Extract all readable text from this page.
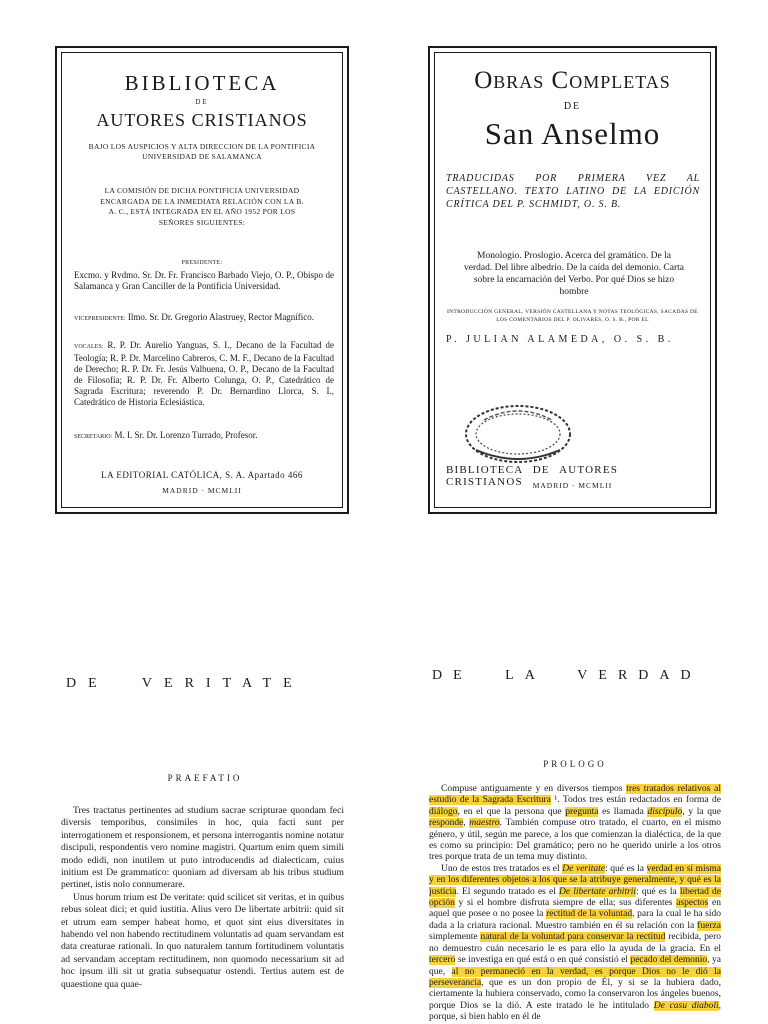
BIBLIOTECA
DE
AUTORES CRISTIANOS
BAJO LOS AUSPICIOS Y ALTA DIRECCION DE LA PONTIFICIA UNIVERSIDAD DE SALAMANCA
LA COMISIÓN DE DICHA PONTIFICIA UNIVERSIDAD ENCARGADA DE LA INMEDIATA RELACIÓN CON LA B. A. C., ESTÁ INTEGRADA EN EL AÑO 1952 POR LOS SEÑORES SIGUIENTES:
PRESIDENTE:
Excmo. y Rvdmo. Sr. Dr. Fr. Francisco Barbado Viejo, O. P., Obispo de Salamanca y Gran Canciller de la Pontificia Universidad.
VICEPRESIDENTE: Ilmo. Sr. Dr. Gregorio Alastruey, Rector Magnífico.
VOCALES: R. P. Dr. Aurelio Yanguas, S. I., Decano de la Facultad de Teología; R. P. Dr. Marcelino Cabreros, C. M. F., Decano de la Facultad de Derecho; R. P. Dr. Fr. Jesús Valbuena, O. P., Decano de la Facultad de Filosofía; R. P. Dr. Fr. Alberto Colunga, O. P., Catedrático de Sagrada Escritura; reverendo P. Dr. Bernardino Llorca, S. I., Catedrático de Historia Eclesiástica.
SECRETARIO: M. I. Sr. Dr. Lorenzo Turrado, Profesor.
LA EDITORIAL CATÓLICA, S. A. Apartado 466
MADRID · MCMLII
Obras Completas
de
San Anselmo
TRADUCIDAS POR PRIMERA VEZ AL CASTELLANO. TEXTO LATINO DE LA EDICIÓN CRÍTICA DEL P. SCHMIDT, O. S. B.
Monologio. Proslogio. Acerca del gramático. De la verdad. Del libre albedrío. De la caída del demonio. Carta sobre la encarnación del Verbo. Por qué Dios se hizo hombre
INTRODUCCIÓN GENERAL, VERSIÓN CASTELLANA Y NOTAS TEOLÓGICAS, SACADAS DE LOS COMENTARIOS DEL P. OLIVARES, O. S. B., POR EL
P. JULIAN ALAMEDA, O. S. B.
BIBLIOTECA DE AUTORES CRISTIANOS	MADRID · MCMLII
DE VERITATE
PRAEFATIO

Tres tractatus pertinentes ad studium sacrae scripturae quondam feci diversis temporibus, consimiles in hoc, quia facti sunt per interrogationem et responsionem, et persona interrogantis nomine notatur discipuli, respondentis vero nomine magistri. Quartum enim quem simili modo edidi, non inutilem ut puto introducendis ad dialecticam, cuius initium est De grammatico: quoniam ad diversam ab his tribus studium pertinet, istis nolo connumerare.

Unus horum trium est De veritate: quid scilicet sit veritas, et in quibus rebus soleat dici; et quid iustitia. Alius vero De libertate arbitrii: quid sit et utrum eam semper habeat homo, et quot sint eius diversitates in habendo vel non habendo rectitudinem voluntatis ad quam servandam est data creaturae rationali. In quo naturalem tantum fortitudinem voluntatis ad servandam acceptam rectitudinem, non quomodo necessarium sit ad hoc ipsum illi sit ut gratia subsequatur ostendi. Tertius autem est de quaestione qua quae-

DE LA VERDAD
PROLOGO

Compuse antiguamente y en diversos tiempos tres tratados relativos al estudio de la Sagrada Escritura ¹. Todos tres están redactados en forma de diálogo, en el que la persona que pregunta es llamada discípulo, y la que responde, maestro. También compuse otro tratado, el cuarto, en el mismo género, y útil, según me parece, a los que comienzan la dialéctica, de la que es como su principio: Del gramático; pero no he querido unirle a los otros tres porque trata de un tema muy distinto.

Uno de estos tres tratados es el De veritate: qué es la verdad en sí misma y en los diferentes objetos a los que se la atribuye generalmente, y qué es la justicia. El segundo tratado es el De libertate arbitrii: qué es la libertad de opción y si el hombre disfruta siempre de ella; sus diferentes aspectos en aquel que posee o no posee la rectitud de la voluntad, para la cual le ha sido dada a la criatura racional. Muestro también en él su relación con la fuerza simplemente natural de la voluntad para conservar la rectitud recibida, pero no demuestro cuán necesario le es para ello la ayuda de la gracia. En el tercero se investiga en qué está o en qué consistió el pecado del demonio, ya que, al no permaneció en la verdad, es porque Dios no le dió la perseverancia, que es un don propio de Él, y si se la hubiera dado, ciertamente la hubiera conservado, como la conservaron los ángeles buenos, porque Dios se la dió. A este tratado le he intitulado De casu diaboli, porque, si bien hablo en él de
